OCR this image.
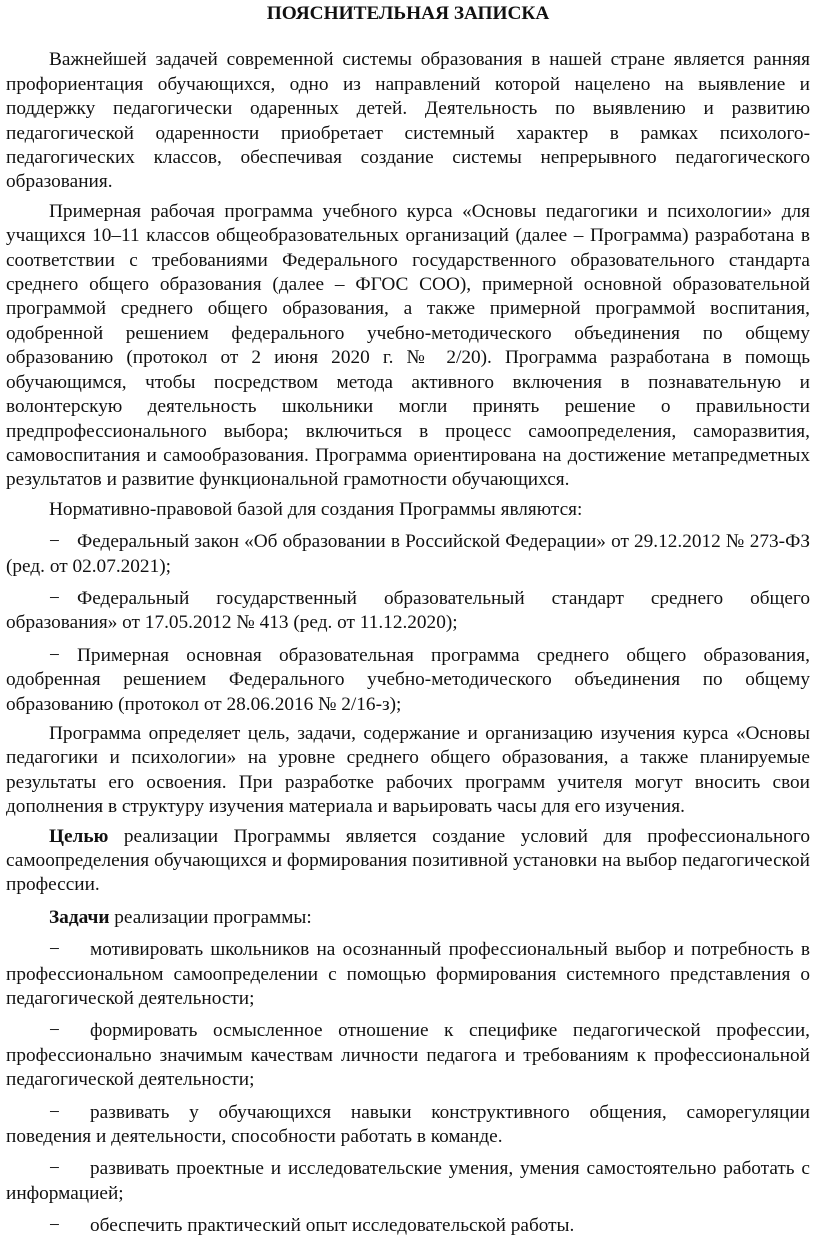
ПОЯСНИТЕЛЬНАЯ ЗАПИСКА

Важнейшей задачей современной системы образования в нашей стране является ранняя профориентация обучающихся, одно из направлений которой нацелено на выявление и поддержку педагогически одаренных детей. Деятельность по выявлению и развитию педагогической одаренности приобретает системный характер в рамках психолого-педагогических классов, обеспечивая создание системы непрерывного педагогического образования.

Примерная рабочая программа учебного курса «Основы педагогики и психологии» для учащихся 10–11 классов общеобразовательных организаций (далее – Программа) разработана в соответствии с требованиями Федерального государственного образовательного стандарта среднего общего образования (далее – ФГОС СОО), примерной основной образовательной программой среднего общего образования, а также примерной программой воспитания, одобренной решением федерального учебно-методического объединения по общему образованию (протокол от 2 июня 2020 г. № 2/20). Программа разработана в помощь обучающимся, чтобы посредством метода активного включения в познавательную и волонтерскую деятельность школьники могли принять решение о правильности предпрофессионального выбора; включиться в процесс самоопределения, саморазвития, самовоспитания и самообразования. Программа ориентирована на достижение метапредметных результатов и развитие функциональной грамотности обучающихся.

Нормативно-правовой базой для создания Программы являются:

− Федеральный закон «Об образовании в Российской Федерации» от 29.12.2012 № 273-ФЗ (ред. от 02.07.2021);

− Федеральный государственный образовательный стандарт среднего общего образования» от 17.05.2012 № 413 (ред. от 11.12.2020);

− Примерная основная образовательная программа среднего общего образования, одобренная решением Федерального учебно-методического объединения по общему образованию (протокол от 28.06.2016 № 2/16-з);

Программа определяет цель, задачи, содержание и организацию изучения курса «Основы педагогики и психологии» на уровне среднего общего образования, а также планируемые результаты его освоения. При разработке рабочих программ учителя могут вносить свои дополнения в структуру изучения материала и варьировать часы для его изучения.

Целью реализации Программы является создание условий для профессионального самоопределения обучающихся и формирования позитивной установки на выбор педагогической профессии.

Задачи реализации программы:

− мотивировать школьников на осознанный профессиональный выбор и потребность в профессиональном самоопределении с помощью формирования системного представления о педагогической деятельности;

− формировать осмысленное отношение к специфике педагогической профессии, профессионально значимым качествам личности педагога и требованиям к профессиональной педагогической деятельности;

− развивать у обучающихся навыки конструктивного общения, саморегуляции поведения и деятельности, способности работать в команде.

− развивать проектные и исследовательские умения, умения самостоятельно работать с информацией;

− обеспечить практический опыт исследовательской работы.
